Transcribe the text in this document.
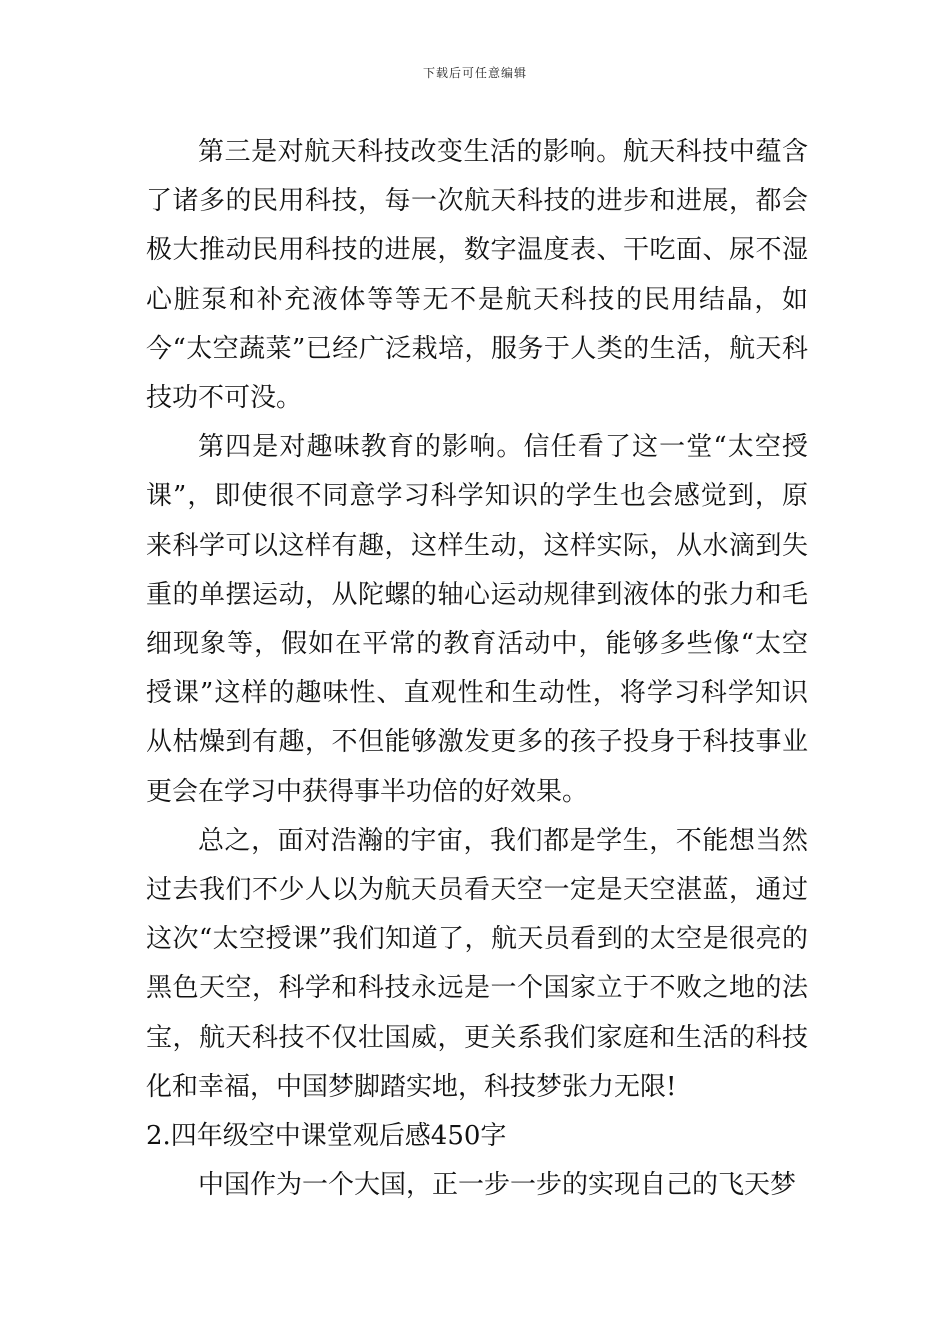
下载后可任意编辑

第三是对航天科技改变生活的影响。航天科技中蕴含了诸多的民用科技，每一次航天科技的进步和进展，都会极大推动民用科技的进展，数字温度表、干吃面、尿不湿心脏泵和补充液体等等无不是航天科技的民用结晶，如今“太空蔬菜”已经广泛栽培，服务于人类的生活，航天科技功不可没。

第四是对趣味教育的影响。信任看了这一堂“太空授课”，即使很不同意学习科学知识的学生也会感觉到，原来科学可以这样有趣，这样生动，这样实际，从水滴到失重的单摆运动，从陀螺的轴心运动规律到液体的张力和毛细现象等，假如在平常的教育活动中，能够多些像“太空授课”这样的趣味性、直观性和生动性，将学习科学知识从枯燥到有趣，不但能够激发更多的孩子投身于科技事业更会在学习中获得事半功倍的好效果。

总之，面对浩瀚的宇宙，我们都是学生，不能想当然过去我们不少人以为航天员看天空一定是天空湛蓝，通过这次“太空授课”我们知道了，航天员看到的太空是很亮的黑色天空，科学和科技永远是一个国家立于不败之地的法宝，航天科技不仅壮国威，更关系我们家庭和生活的科技化和幸福，中国梦脚踏实地，科技梦张力无限!

2.四年级空中课堂观后感450字

中国作为一个大国，正一步一步的实现自己的飞天梦
